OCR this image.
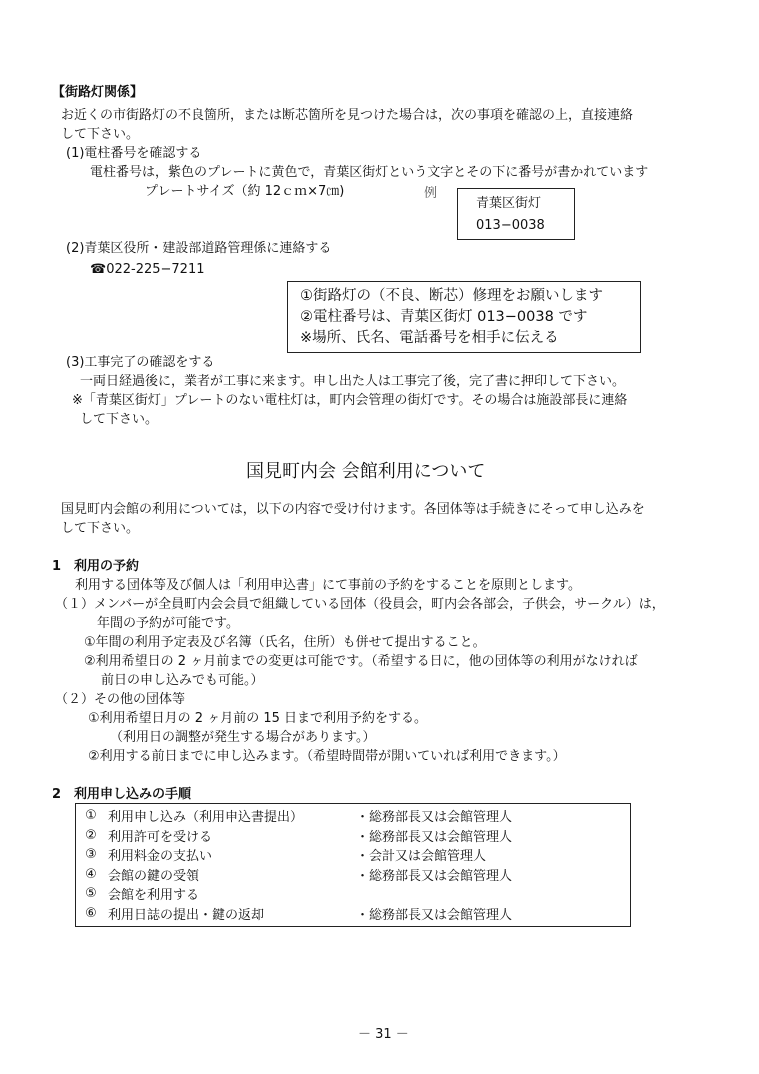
【街路灯関係】
お近くの市街路灯の不良箇所，または断芯箇所を見つけた場合は，次の事項を確認の上，直接連絡
して下さい。
(1)電柱番号を確認する
電柱番号は，紫色のプレートに黄色で，青葉区街灯という文字とその下に番号が書かれています
プレートサイズ（約 12ｃｍ×7㎝)	例
青葉区街灯
013−0038
(2)青葉区役所・建設部道路管理係に連絡する
☎022-225−7211
①街路灯の（不良、断芯）修理をお願いします
②電柱番号は、青葉区街灯 013−0038 です
※場所、氏名、電話番号を相手に伝える
(3)工事完了の確認をする
一両日経過後に，業者が工事に来ます。申し出た人は工事完了後，完了書に押印して下さい。
※「青葉区街灯」プレートのない電柱灯は，町内会管理の街灯です。その場合は施設部長に連絡
して下さい。
国見町内会 会館利用について
国見町内会館の利用については，以下の内容で受け付けます。各団体等は手続きにそって申し込みを
して下さい。
1　利用の予約
利用する団体等及び個人は「利用申込書」にて事前の予約をすることを原則とします。
（１）メンバーが全員町内会会員で組織している団体（役員会，町内会各部会，子供会，サークル）は，
年間の予約が可能です。
①年間の利用予定表及び名簿（氏名，住所）も併せて提出すること。
②利用希望日の 2 ヶ月前までの変更は可能です。（希望する日に，他の団体等の利用がなければ
前日の申し込みでも可能。）
（２）その他の団体等
①利用希望日月の 2 ヶ月前の 15 日まで利用予約をする。
（利用日の調整が発生する場合があります。）
②利用する前日までに申し込みます。（希望時間帯が開いていれば利用できます。）
2　利用申し込みの手順
①	利用申し込み（利用申込書提出）	・総務部長又は会館管理人
②	利用許可を受ける	・総務部長又は会館管理人
③	利用料金の支払い	・会計又は会館管理人
④	会館の鍵の受領	・総務部長又は会館管理人
⑤	会館を利用する	
⑥	利用日誌の提出・鍵の返却	・総務部長又は会館管理人
－ 31 －
